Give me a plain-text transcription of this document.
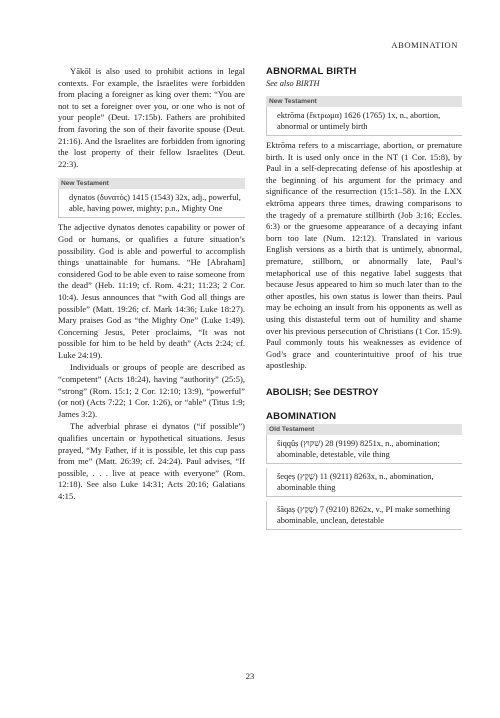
ABOMINATION

Yākōl is also used to prohibit actions in legal contexts. For example, the Israelites were forbidden from placing a foreigner as king over them: “You are not to set a foreigner over you, or one who is not of your people” (Deut. 17:15b). Fathers are prohibited from favoring the son of their favorite spouse (Deut. 21:16). And the Israelites are forbidden from ignoring the lost property of their fellow Israelites (Deut. 22:3).

New Testament

dynatos (δυνατός) 1415 (1543) 32x, adj., powerful, able, having power, mighty; p.n., Mighty One

The adjective dynatos denotes capability or power of God or humans, or qualifies a future situation’s possibility. God is able and powerful to accomplish things unattainable for humans. “He [Abraham] considered God to be able even to raise someone from the dead” (Heb. 11:19; cf. Rom. 4:21; 11:23; 2 Cor. 10:4). Jesus announces that “with God all things are possible” (Matt. 19:26; cf. Mark 14:36; Luke 18:27). Mary praises God as “the Mighty One” (Luke 1:49). Concerning Jesus, Peter proclaims, “It was not possible for him to be held by death” (Acts 2:24; cf. Luke 24:19).

Individuals or groups of people are described as “competent” (Acts 18:24), having “authority” (25:5), “strong” (Rom. 15:1; 2 Cor. 12:10; 13:9), “powerful” (or not) (Acts 7:22; 1 Cor. 1:26), or “able” (Titus 1:9; James 3:2).

The adverbial phrase ei dynatos (“if possible”) qualifies uncertain or hypothetical situations. Jesus prayed, “My Father, if it is possible, let this cup pass from me” (Matt. 26:39; cf. 24:24). Paul advises, “If possible, . . . live at peace with everyone” (Rom. 12:18). See also Luke 14:31; Acts 20:16; Galatians 4:15.

ABNORMAL BIRTH
See also BIRTH
New Testament

ektrōma (ἔκτρωμα) 1626 (1765) 1x, n., abortion, abnormal or untimely birth

Ektrōma refers to a miscarriage, abortion, or premature birth. It is used only once in the NT (1 Cor. 15:8), by Paul in a self-deprecating defense of his apostleship at the beginning of his argument for the primacy and significance of the resurrection (15:1–58). In the LXX ektrōma appears three times, drawing comparisons to the tragedy of a premature stillbirth (Job 3:16; Eccles. 6:3) or the gruesome appearance of a decaying infant born too late (Num. 12:12). Translated in various English versions as a birth that is untimely, abnormal, premature, stillborn, or abnormally late, Paul’s metaphorical use of this negative label suggests that because Jesus appeared to him so much later than to the other apostles, his own status is lower than theirs. Paul may be echoing an insult from his opponents as well as using this distasteful term out of humility and shame over his previous persecution of Christians (1 Cor. 15:9). Paul commonly touts his weaknesses as evidence of God’s grace and counterintuitive proof of his true apostleship.

ABOLISH; See DESTROY
ABOMINATION
Old Testament

šiqqûṣ (שִׁקּוּץ) 8251 (9199) 28x, n., abomination; abominable, detestable, vile thing

šeqeṣ (שֶׁקֶץ) 8263 (9211) 11x, n., abomination, abominable thing

šāqaṣ (שָׁקַץ) 8262 (9210) 7x, v., PI make something abominable, unclean, detestable

23
